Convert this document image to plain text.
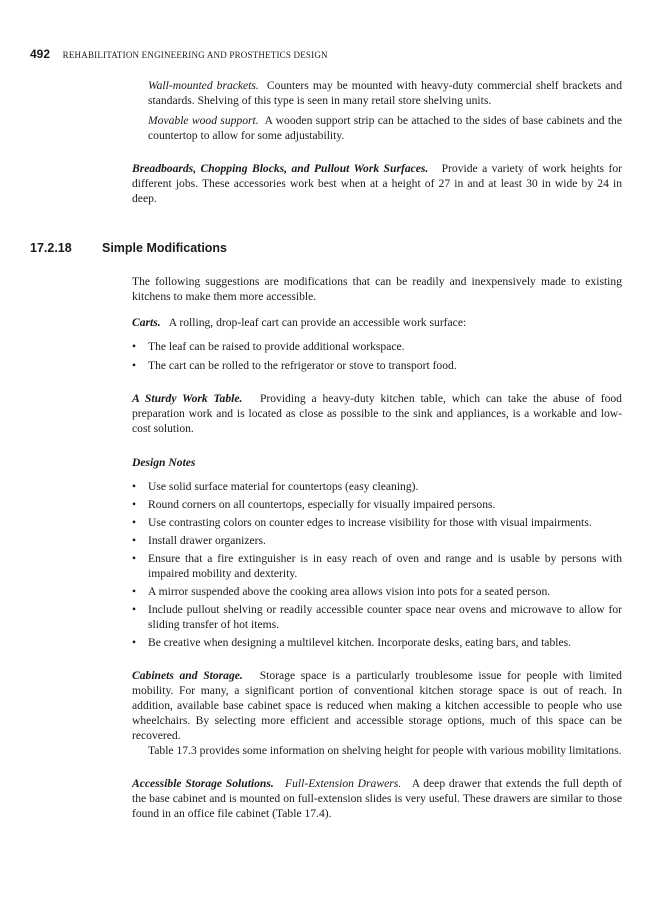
492 REHABILITATION ENGINEERING AND PROSTHETICS DESIGN

Wall-mounted brackets. Counters may be mounted with heavy-duty commercial shelf brackets and standards. Shelving of this type is seen in many retail store shelving units.

Movable wood support. A wooden support strip can be attached to the sides of base cabinets and the countertop to allow for some adjustability.

Breadboards, Chopping Blocks, and Pullout Work Surfaces. Provide a variety of work heights for different jobs. These accessories work best when at a height of 27 in and at least 30 in wide by 24 in deep.

The following suggestions are modifications that can be readily and inexpensively made to existing kitchens to make them more accessible.

Carts. A rolling, drop-leaf cart can provide an accessible work surface:

• The leaf can be raised to provide additional workspace.
• The cart can be rolled to the refrigerator or stove to transport food.

A Sturdy Work Table. Providing a heavy-duty kitchen table, which can take the abuse of food preparation work and is located as close as possible to the sink and appliances, is a workable and low-cost solution.

Design Notes

• Use solid surface material for countertops (easy cleaning).
• Round corners on all countertops, especially for visually impaired persons.
• Use contrasting colors on counter edges to increase visibility for those with visual impairments.
• Install drawer organizers.
• Ensure that a fire extinguisher is in easy reach of oven and range and is usable by persons with impaired mobility and dexterity.
• A mirror suspended above the cooking area allows vision into pots for a seated person.
• Include pullout shelving or readily accessible counter space near ovens and microwave to allow for sliding transfer of hot items.
• Be creative when designing a multilevel kitchen. Incorporate desks, eating bars, and tables.

Cabinets and Storage. Storage space is a particularly troublesome issue for people with limited mobility. For many, a significant portion of conventional kitchen storage space is out of reach. In addition, available base cabinet space is reduced when making a kitchen accessible to people who use wheelchairs. By selecting more efficient and accessible storage options, much of this space can be recovered.

Table 17.3 provides some information on shelving height for people with various mobility limitations.

Accessible Storage Solutions. Full-Extension Drawers. A deep drawer that extends the full depth of the base cabinet and is mounted on full-extension slides is very useful. These drawers are similar to those found in an office file cabinet (Table 17.4).

17.2.18 Simple Modifications
